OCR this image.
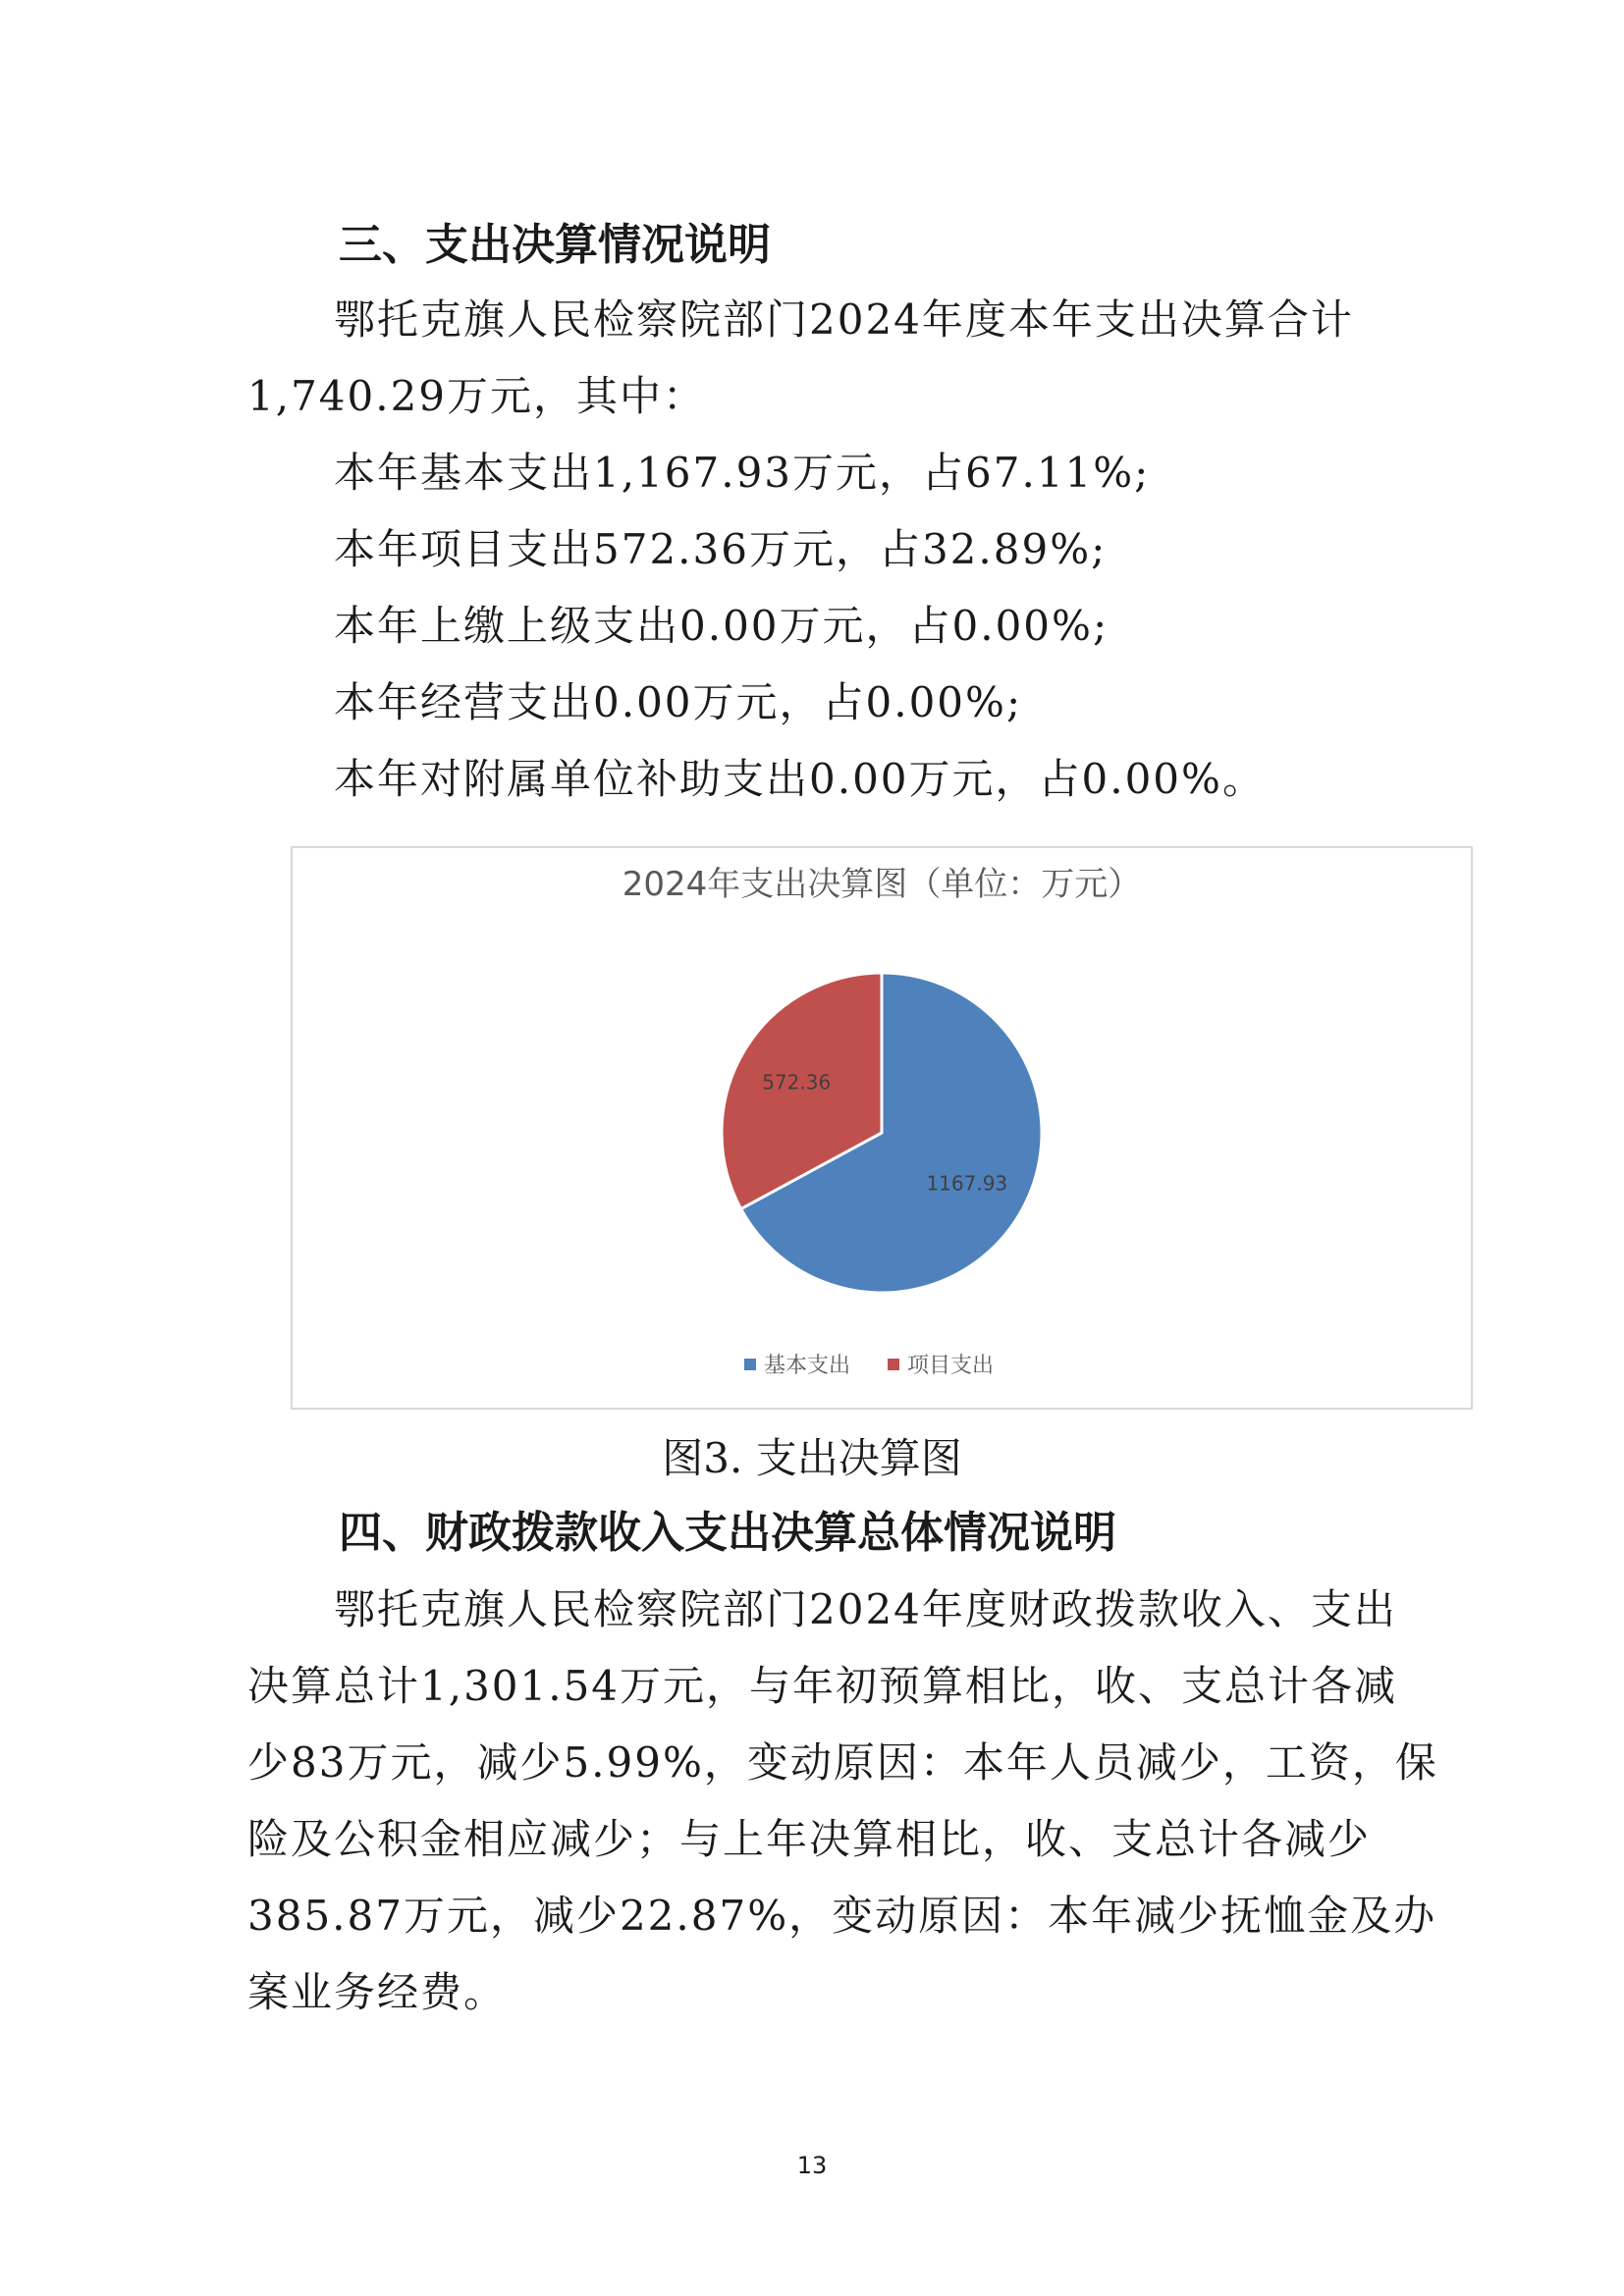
三、支出决算情况说明

鄂托克旗人民检察院部门2024年度本年支出决算合计

1,740.29万元，其中：

本年基本支出1,167.93万元，占67.11%;

本年项目支出572.36万元，占32.89%;

本年上缴上级支出0.00万元，占0.00%;

本年经营支出0.00万元，占0.00%;

本年对附属单位补助支出0.00万元，占0.00%。

2024年支出决算图（单位：万元）
1167.93
572.36
基本支出	项目支出

图3. 支出决算图

四、财政拨款收入支出决算总体情况说明

鄂托克旗人民检察院部门2024年度财政拨款收入、支出

决算总计1,301.54万元，与年初预算相比，收、支总计各减

少83万元，减少5.99%，变动原因：本年人员减少，工资，保

险及公积金相应减少；与上年决算相比，收、支总计各减少

385.87万元，减少22.87%，变动原因：本年减少抚恤金及办

案业务经费。

13
